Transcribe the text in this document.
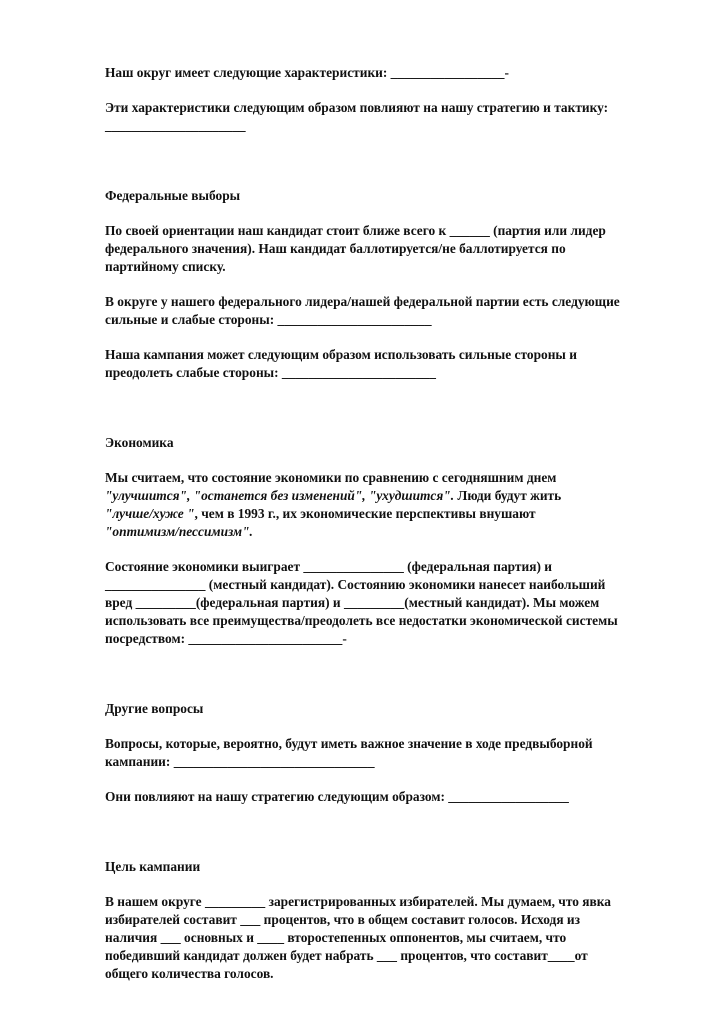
Наш округ имеет следующие характеристики: _________________-

Эти характеристики следующим образом повлияют на нашу стратегию и тактику:

_____________________

Федеральные выборы

По своей ориентации наш кандидат стоит ближе всего к ______ (партия или лидер

федерального значения). Наш кандидат баллотируется/не баллотируется по

партийному списку.

В округе у нашего федерального лидера/нашей федеральной партии есть следующие

сильные и слабые стороны: _______________________

Наша кампания может следующим образом использовать сильные стороны и

преодолеть слабые стороны: _______________________

Экономика

Мы считаем, что состояние экономики по сравнению с сегодняшним днем

"улучшится", "останется без изменений", "ухудшится". Люди будут жить

"лучше/хуже ", чем в 1993 г., их экономические перспективы внушают

"оптимизм/пессимизм".

Состояние экономики выиграет _______________ (федеральная партия) и

_______________ (местный кандидат). Состоянию экономики нанесет наибольший

вред _________(федеральная партия) и _________(местный кандидат). Мы можем

использовать все преимущества/преодолеть все недостатки экономической системы

посредством: _______________________-

Другие вопросы

Вопросы, которые, вероятно, будут иметь важное значение в ходе предвыборной

кампании: ______________________________

Они повлияют на нашу стратегию следующим образом: __________________

Цель кампании

В нашем округе _________ зарегистрированных избирателей. Мы думаем, что явка

избирателей составит ___ процентов, что в общем составит голосов. Исходя из

наличия ___ основных и ____ второстепенных оппонентов, мы считаем, что

победивший кандидат должен будет набрать ___ процентов, что составит____от

общего количества голосов.
